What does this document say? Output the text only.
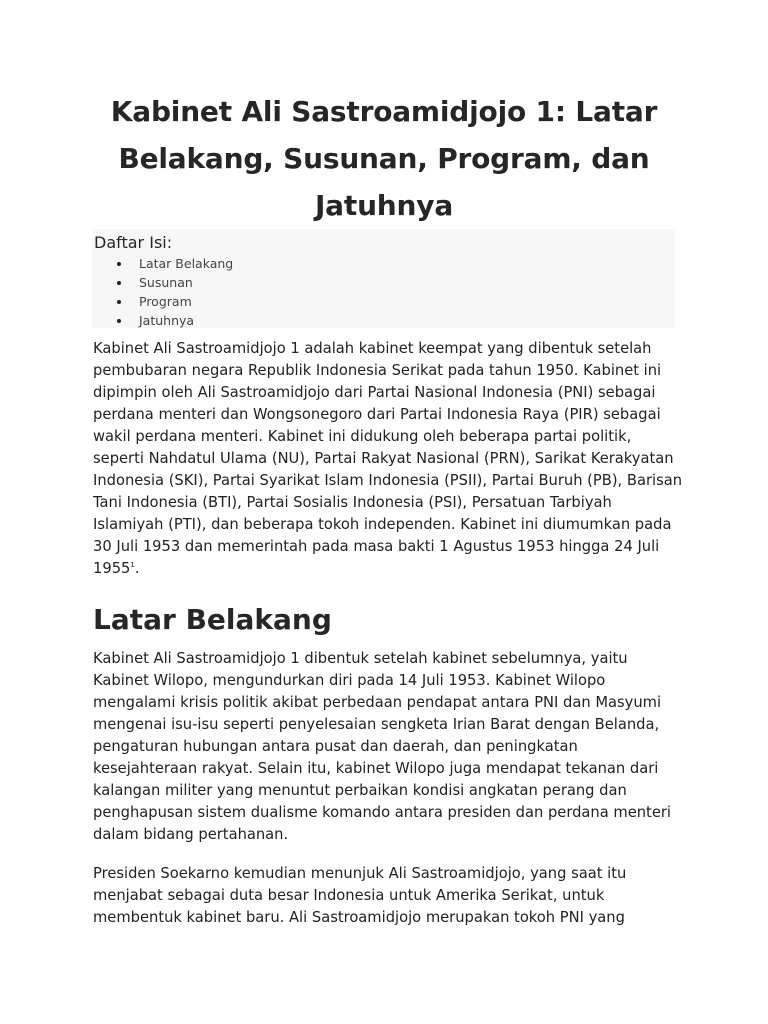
Kabinet Ali Sastroamidjojo 1: Latar Belakang, Susunan, Program, dan Jatuhnya
Daftar Isi:
Latar Belakang
Susunan
Program
Jatuhnya

Kabinet Ali Sastroamidjojo 1 adalah kabinet keempat yang dibentuk setelah pembubaran negara Republik Indonesia Serikat pada tahun 1950. Kabinet ini dipimpin oleh Ali Sastroamidjojo dari Partai Nasional Indonesia (PNI) sebagai perdana menteri dan Wongsonegoro dari Partai Indonesia Raya (PIR) sebagai wakil perdana menteri. Kabinet ini didukung oleh beberapa partai politik, seperti Nahdatul Ulama (NU), Partai Rakyat Nasional (PRN), Sarikat Kerakyatan Indonesia (SKI), Partai Syarikat Islam Indonesia (PSII), Partai Buruh (PB), Barisan Tani Indonesia (BTI), Partai Sosialis Indonesia (PSI), Persatuan Tarbiyah Islamiyah (PTI), dan beberapa tokoh independen. Kabinet ini diumumkan pada 30 Juli 1953 dan memerintah pada masa bakti 1 Agustus 1953 hingga 24 Juli 1955$^1$.

Latar Belakang

Kabinet Ali Sastroamidjojo 1 dibentuk setelah kabinet sebelumnya, yaitu Kabinet Wilopo, mengundurkan diri pada 14 Juli 1953. Kabinet Wilopo mengalami krisis politik akibat perbedaan pendapat antara PNI dan Masyumi mengenai isu-isu seperti penyelesaian sengketa Irian Barat dengan Belanda, pengaturan hubungan antara pusat dan daerah, dan peningkatan kesejahteraan rakyat. Selain itu, kabinet Wilopo juga mendapat tekanan dari kalangan militer yang menuntut perbaikan kondisi angkatan perang dan penghapusan sistem dualisme komando antara presiden dan perdana menteri dalam bidang pertahanan.

Presiden Soekarno kemudian menunjuk Ali Sastroamidjojo, yang saat itu menjabat sebagai duta besar Indonesia untuk Amerika Serikat, untuk membentuk kabinet baru. Ali Sastroamidjojo merupakan tokoh PNI yang
